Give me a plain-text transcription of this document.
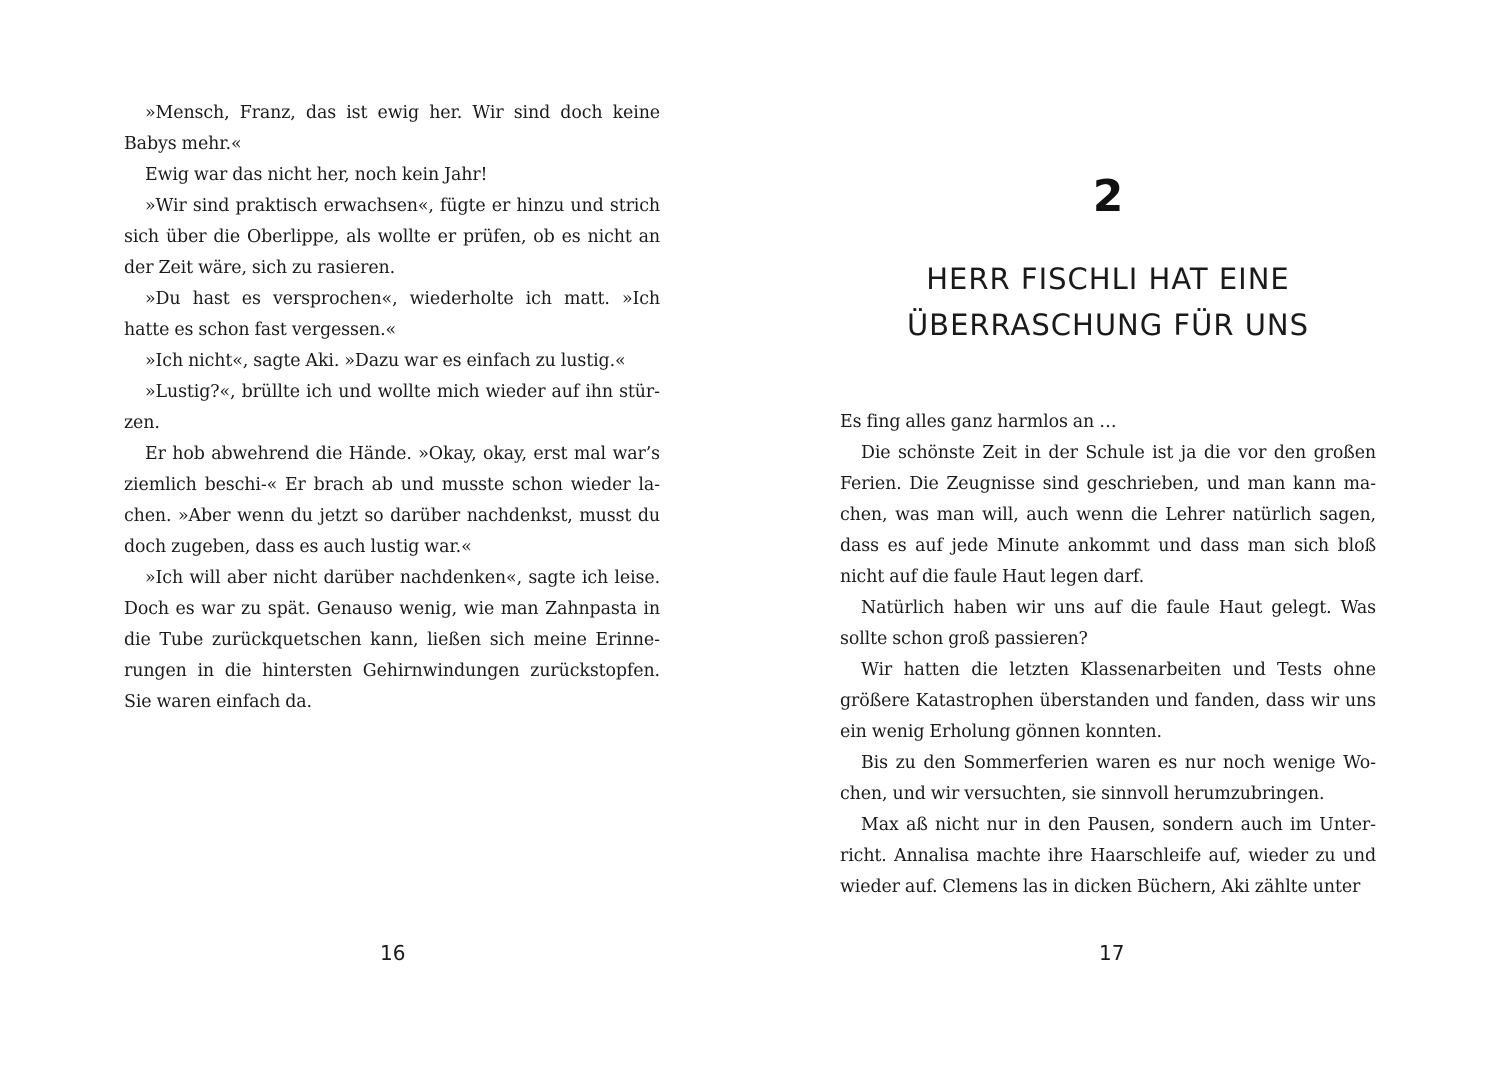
»Mensch, Franz, das ist ewig her. Wir sind doch keine Babys mehr.«

Ewig war das nicht her, noch kein Jahr!

»Wir sind praktisch erwachsen«, fügte er hinzu und strich sich über die Oberlippe, als wollte er prüfen, ob es nicht an der Zeit wäre, sich zu rasieren.

»Du hast es versprochen«, wiederholte ich matt. »Ich hatte es schon fast vergessen.«

»Ich nicht«, sagte Aki. »Dazu war es einfach zu lustig.«

»Lustig?«, brüllte ich und wollte mich wieder auf ihn stürzen.

Er hob abwehrend die Hände. »Okay, okay, erst mal war’s ziemlich beschi-« Er brach ab und musste schon wieder lachen. »Aber wenn du jetzt so darüber nachdenkst, musst du doch zugeben, dass es auch lustig war.«

»Ich will aber nicht darüber nachdenken«, sagte ich leise. Doch es war zu spät. Genauso wenig, wie man Zahnpasta in die Tube zurückquetschen kann, ließen sich meine Erinnerungen in die hintersten Gehirnwindungen zurückstopfen. Sie waren einfach da.

16
2
HERR FISCHLI HAT EINE
ÜBERRASCHUNG FÜR UNS

Es fing alles ganz harmlos an …

Die schönste Zeit in der Schule ist ja die vor den großen Ferien. Die Zeugnisse sind geschrieben, und man kann machen, was man will, auch wenn die Lehrer natürlich sagen, dass es auf jede Minute ankommt und dass man sich bloß nicht auf die faule Haut legen darf.

Natürlich haben wir uns auf die faule Haut gelegt. Was sollte schon groß passieren?

Wir hatten die letzten Klassenarbeiten und Tests ohne größere Katastrophen überstanden und fanden, dass wir uns ein wenig Erholung gönnen konnten.

Bis zu den Sommerferien waren es nur noch wenige Wochen, und wir versuchten, sie sinnvoll herumzubringen.

Max aß nicht nur in den Pausen, sondern auch im Unterricht. Annalisa machte ihre Haarschleife auf, wieder zu und wieder auf. Clemens las in dicken Büchern, Aki zählte unter

17
